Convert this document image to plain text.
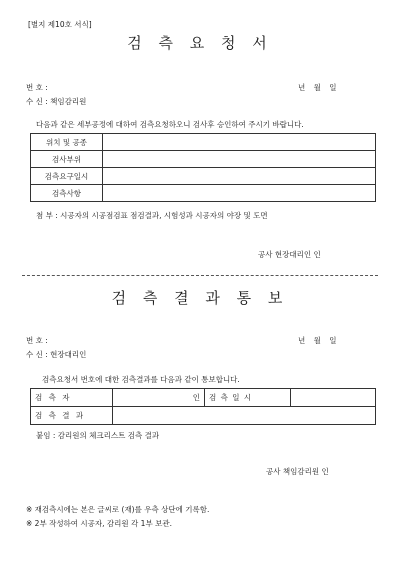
[별지 제10호 서식]
검 측 요 청 서
번 호 :	년 월 일
수 신 : 책임감리원
다음과 같은 세부공정에 대하여 검측요청하오니 검사후 승인하여 주시기 바랍니다.
위치 및 공종	
검사부위	
검측요구일시	
검측사항	
첨 부 : 시공자의 시공점검표 점검결과, 시험성과 시공자의 야장 및 도면
공사 현장대리인 인
검 측 결 과 통 보
번 호 :	년 월 일
수 신 : 현장대리인
검측요청서 번호에 대한 검측결과를 다음과 같이 통보합니다.
검 측 자	인	검 측 일 시	
검 측 결 과			
붙임 : 감리원의 체크리스트 검측 결과
공사 책임감리원 인
※ 재검측시에는 본은 글씨로 (재)를 우측 상단에 기록함.
※ 2부 작성하여 시공자, 감리원 각 1부 보관.
